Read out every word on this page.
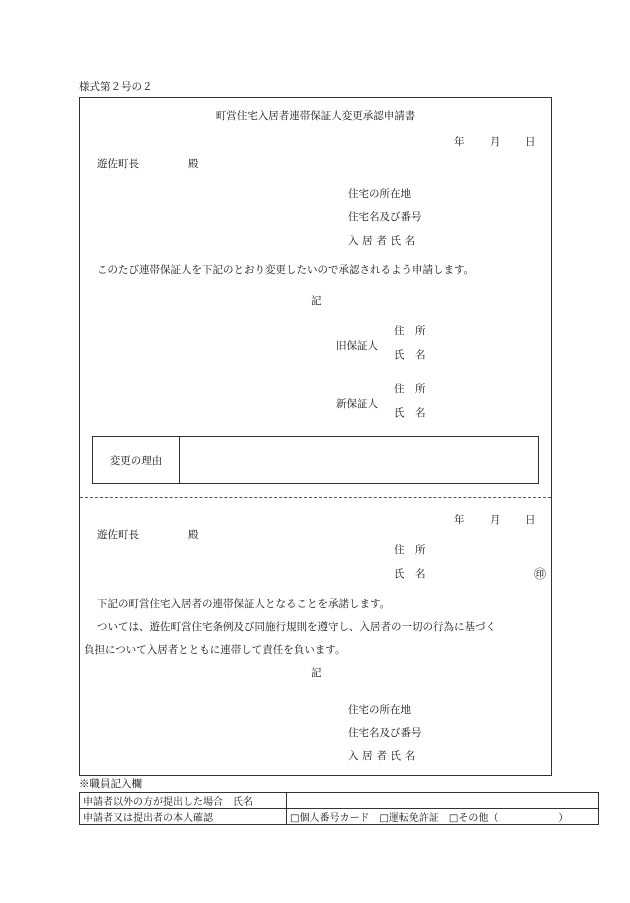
様式第２号の２
町営住宅入居者連帯保証人変更承認申請書
年 月 日
遊佐町長	殿
住宅の所在地
住宅名及び番号
入居者氏名
このたび連帯保証人を下記のとおり変更したいので承認されるよう申請します。
記
旧保証人
住　所
氏　名
新保証人
住　所
氏　名
変更の理由
年 月 日
遊佐町長	殿
住　所
氏　名	㊞
下記の町営住宅入居者の連帯保証人となることを承諾します。
ついては、遊佐町営住宅条例及び同施行規則を遵守し、入居者の一切の行為に基づく
負担について入居者とともに連帯して責任を負います。
記
住宅の所在地
住宅名及び番号
入居者氏名
※職員記入欄
申請者以外の方が提出した場合　氏名	
申請者又は提出者の本人確認	□個人番号カード　□運転免許証　□その他（　　　　　　）
